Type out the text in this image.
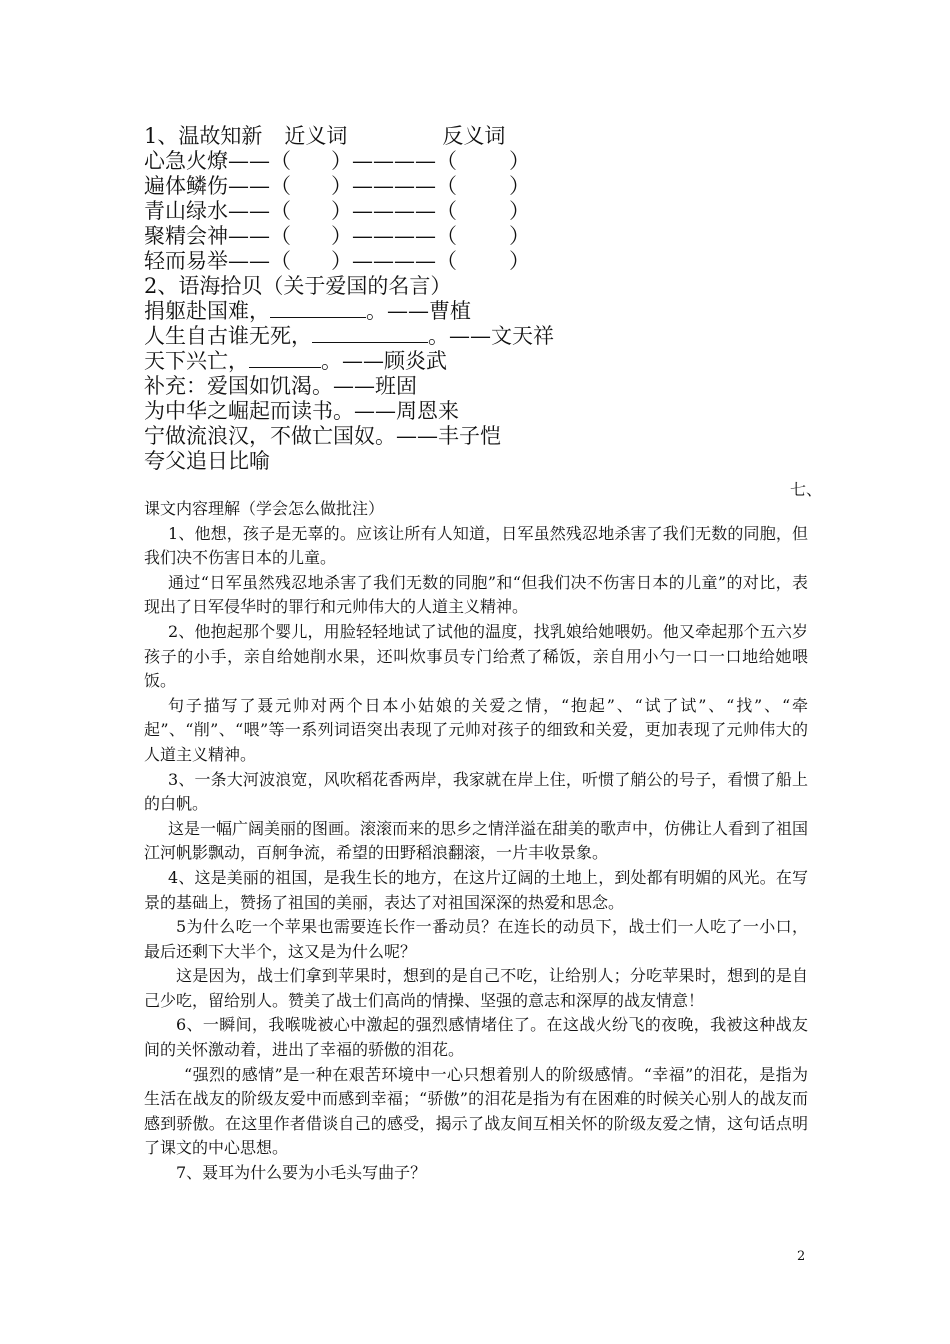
1、温故知新 近义词	反义词
心急火燎——（ ）————（ ）
遍体鳞伤——（ ）————（ ）
青山绿水——（ ）————（ ）
聚精会神——（ ）————（ ）
轻而易举——（ ）————（ ）
2、语海拾贝（关于爱国的名言）
捐躯赴国难，	。——曹植
人生自古谁无死，	。——文天祥
天下兴亡，	。——顾炎武
补充：爱国如饥渴。——班固
为中华之崛起而读书。——周恩来
宁做流浪汉，不做亡国奴。——丰子恺
夸父追日比喻
七、

课文内容理解（学会怎么做批注）

1、他想，孩子是无辜的。应该让所有人知道，日军虽然残忍地杀害了我们无数的同胞，但我们决不伤害日本的儿童。

通过“日军虽然残忍地杀害了我们无数的同胞”和“但我们决不伤害日本的儿童”的对比，表现出了日军侵华时的罪行和元帅伟大的人道主义精神。

2、他抱起那个婴儿，用脸轻轻地试了试他的温度，找乳娘给她喂奶。他又牵起那个五六岁孩子的小手，亲自给她削水果，还叫炊事员专门给煮了稀饭，亲自用小勺一口一口地给她喂饭。

句子描写了聂元帅对两个日本小姑娘的关爱之情，“抱起”、“试了试”、“找”、“牵起”、“削”、“喂”等一系列词语突出表现了元帅对孩子的细致和关爱，更加表现了元帅伟大的人道主义精神。

3、一条大河波浪宽，风吹稻花香两岸，我家就在岸上住，听惯了艄公的号子，看惯了船上的白帆。

这是一幅广阔美丽的图画。滚滚而来的思乡之情洋溢在甜美的歌声中，仿佛让人看到了祖国江河帆影飘动，百舸争流，希望的田野稻浪翻滚，一片丰收景象。

4、这是美丽的祖国，是我生长的地方，在这片辽阔的土地上，到处都有明媚的风光。在写景的基础上，赞扬了祖国的美丽，表达了对祖国深深的热爱和思念。

5为什么吃一个苹果也需要连长作一番动员？在连长的动员下，战士们一人吃了一小口，最后还剩下大半个，这又是为什么呢？

这是因为，战士们拿到苹果时，想到的是自己不吃，让给别人；分吃苹果时，想到的是自己少吃，留给别人。赞美了战士们高尚的情操、坚强的意志和深厚的战友情意！

6、一瞬间，我喉咙被心中激起的强烈感情堵住了。在这战火纷飞的夜晚，我被这种战友间的关怀激动着，进出了幸福的骄傲的泪花。

“强烈的感情”是一种在艰苦环境中一心只想着别人的阶级感情。“幸福”的泪花，是指为生活在战友的阶级友爱中而感到幸福；“骄傲”的泪花是指为有在困难的时候关心别人的战友而感到骄傲。在这里作者借谈自己的感受，揭示了战友间互相关怀的阶级友爱之情，这句话点明了课文的中心思想。

7、聂耳为什么要为小毛头写曲子？

2
